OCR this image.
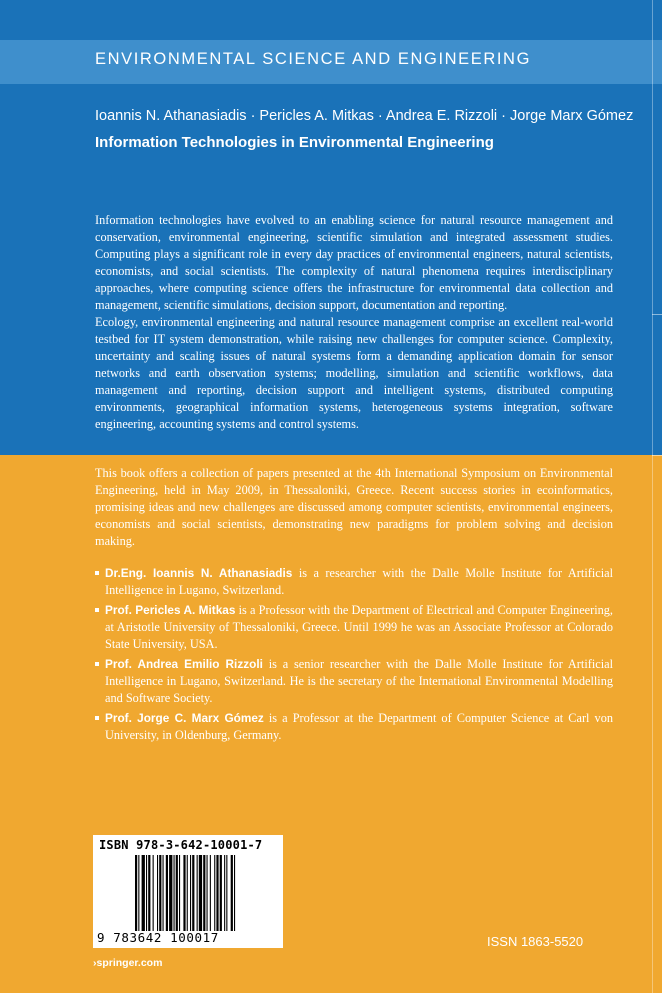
ENVIRONMENTAL SCIENCE AND ENGINEERING
Ioannis N. Athanasiadis · Pericles A. Mitkas · Andrea E. Rizzoli · Jorge Marx Gómez
Information Technologies in Environmental Engineering

Information technologies have evolved to an enabling science for natural resource management and conservation, environmental engineering, scientific simulation and integrated assessment studies. Computing plays a significant role in every day practices of environmental engineers, natural scientists, economists, and social scientists. The complexity of natural phenomena requires interdisciplinary approaches, where computing science offers the infrastructure for environmental data collection and management, scientific simulations, decision support, documentation and reporting.

Ecology, environmental engineering and natural resource management comprise an excellent real-world testbed for IT system demonstration, while raising new challenges for computer science. Complexity, uncertainty and scaling issues of natural systems form a demanding application domain for sensor networks and earth observation systems; modelling, simulation and scientific workflows, data management and reporting, decision support and intelligent systems, distributed computing environments, geographical information systems, heterogeneous systems integration, software engineering, accounting systems and control systems.

This book offers a collection of papers presented at the 4th International Symposium on Environmental Engineering, held in May 2009, in Thessaloniki, Greece. Recent success stories in ecoinformatics, promising ideas and new challenges are discussed among computer scientists, environmental engineers, economists and social scientists, demonstrating new paradigms for problem solving and decision making.

Dr.Eng. Ioannis N. Athanasiadis is a researcher with the Dalle Molle Institute for Artificial Intelligence in Lugano, Switzerland.
Prof. Pericles A. Mitkas is a Professor with the Department of Electrical and Computer Engineering, at Aristotle University of Thessaloniki, Greece. Until 1999 he was an Associate Professor at Colorado State University, USA.
Prof. Andrea Emilio Rizzoli is a senior researcher with the Dalle Molle Institute for Artificial Intelligence in Lugano, Switzerland. He is the secretary of the International Environmental Modelling and Software Society.
Prof. Jorge C. Marx Gómez is a Professor at the Department of Computer Science at Carl von University, in Oldenburg, Germany.
ISBN 978-3-642-10001-7
9 783642 100017	ISSN 1863-5520
›springer.com
